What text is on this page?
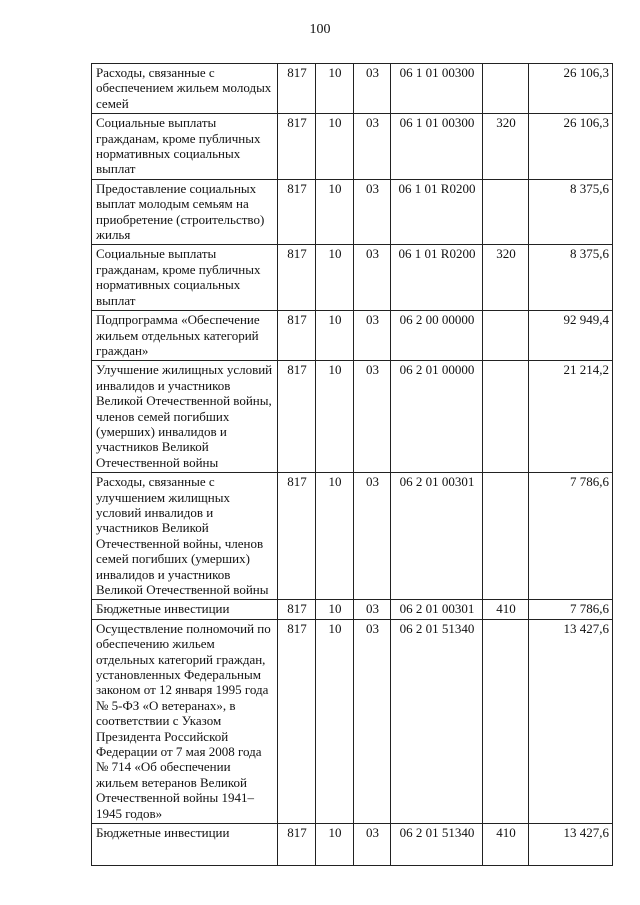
100
Расходы, связанные с обеспечением жильем молодых семей	817	10	03	06 1 01 00300		26 106,3
Социальные выплаты гражданам, кроме публичных нормативных социальных выплат	817	10	03	06 1 01 00300	320	26 106,3
Предоставление социальных выплат молодым семьям на приобретение (строительство) жилья	817	10	03	06 1 01 R0200		8 375,6
Социальные выплаты гражданам, кроме публичных нормативных социальных выплат	817	10	03	06 1 01 R0200	320	8 375,6
Подпрограмма «Обеспечение жильем отдельных категорий граждан»	817	10	03	06 2 00 00000		92 949,4
Улучшение жилищных условий инвалидов и участников Великой Отечественной войны, членов семей погибших (умерших) инвалидов и участников Великой Отечественной войны	817	10	03	06 2 01 00000		21 214,2
Расходы, связанные с улучшением жилищных условий инвалидов и участников Великой Отечественной войны, членов семей погибших (умерших) инвалидов и участников Великой Отечественной войны	817	10	03	06 2 01 00301		7 786,6
Бюджетные инвестиции	817	10	03	06 2 01 00301	410	7 786,6
Осуществление полномочий по обеспечению жильем отдельных категорий граждан, установленных Федеральным законом от 12 января 1995 года № 5-ФЗ «О ветеранах», в соответствии с Указом Президента Российской Федерации от 7 мая 2008 года № 714 «Об обеспечении жильем ветеранов Великой Отечественной войны 1941–1945 годов»	817	10	03	06 2 01 51340		13 427,6
Бюджетные инвестиции	817	10	03	06 2 01 51340	410	13 427,6
